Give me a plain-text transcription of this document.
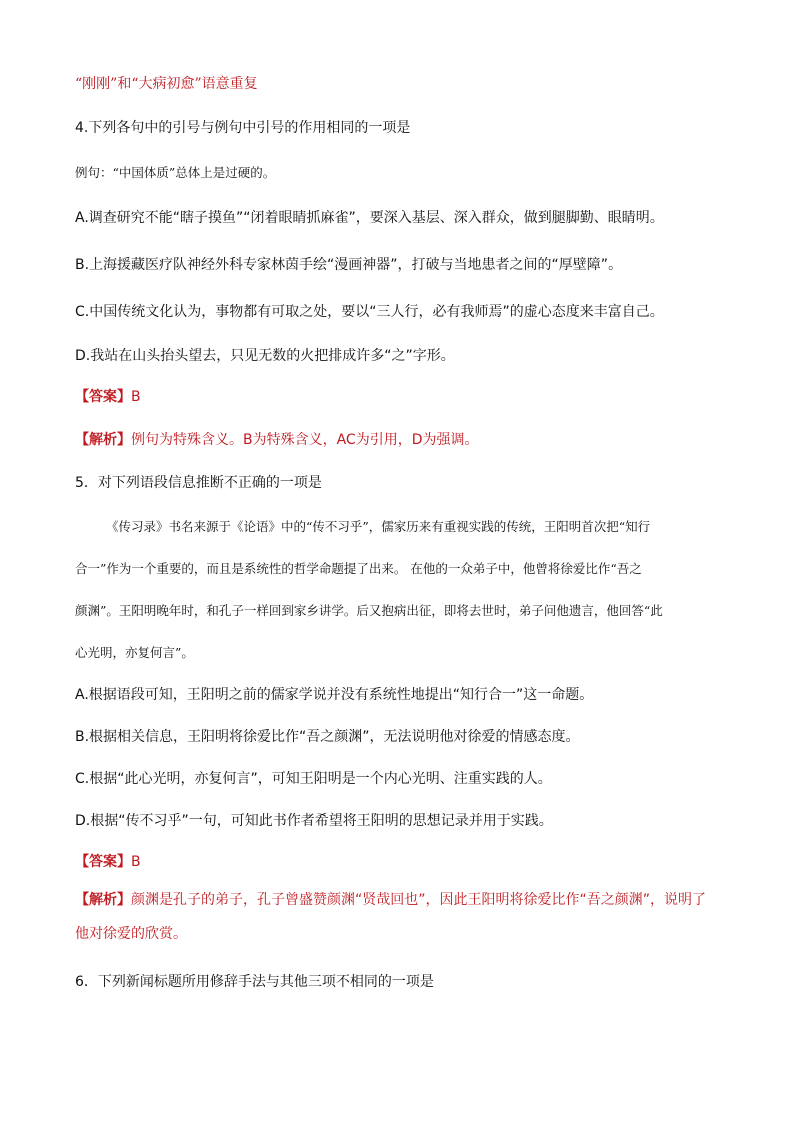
“刚刚”和“大病初愈”语意重复
4.下列各句中的引号与例句中引号的作用相同的一项是
例句：“中国体质”总体上是过硬的。
A.调查研究不能“瞎子摸鱼”“闭着眼睛抓麻雀”，要深入基层、深入群众，做到腿脚勤、眼睛明。
B.上海援藏医疗队神经外科专家林茵手绘“漫画神器”，打破与当地患者之间的“厚壁障”。
C.中国传统文化认为，事物都有可取之处，要以“三人行，必有我师焉”的虚心态度来丰富自己。
D.我站在山头抬头望去，只见无数的火把排成许多“之”字形。
【答案】B
【解析】例句为特殊含义。B为特殊含义，AC为引用，D为强调。
5．对下列语段信息推断不正确的一项是
《传习录》书名来源于《论语》中的“传不习乎”，儒家历来有重视实践的传统，王阳明首次把“知行
合一”作为一个重要的，而且是系统性的哲学命题提了出来。 在他的一众弟子中，他曾将徐爱比作“吾之
颜渊”。王阳明晚年时，和孔子一样回到家乡讲学。后又抱病出征，即将去世时，弟子问他遗言，他回答“此
心光明，亦复何言”。
A.根据语段可知，王阳明之前的儒家学说并没有系统性地提出“知行合一”这一命题。
B.根据相关信息，王阳明将徐爱比作“吾之颜渊”，无法说明他对徐爱的情感态度。
C.根据“此心光明，亦复何言”，可知王阳明是一个内心光明、注重实践的人。
D.根据“传不习乎”一句，可知此书作者希望将王阳明的思想记录并用于实践。
【答案】B
【解析】颜渊是孔子的弟子，孔子曾盛赞颜渊“贤哉回也”，因此王阳明将徐爱比作“吾之颜渊”，说明了
他对徐爱的欣赏。
6．下列新闻标题所用修辞手法与其他三项不相同的一项是
